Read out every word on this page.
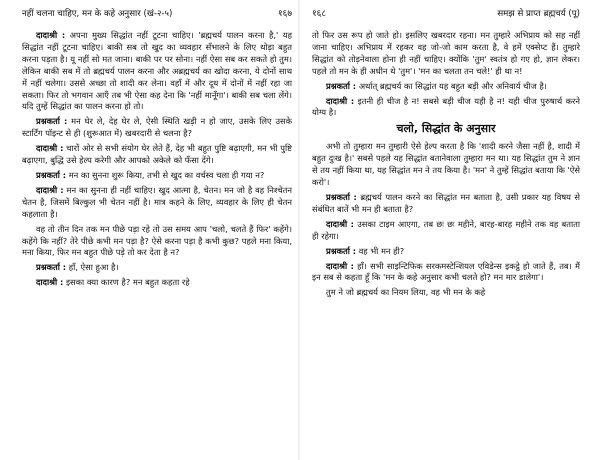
नहीं चलना चाहिए, मन के कहे अनुसार (खं-२-५)	१६७

दादाश्री : अपना मुख्य सिद्धांत नहीं टूटना चाहिए। 'ब्रह्मचर्य पालन करना है,' यह सिद्धांत नहीं टूटना चाहिए। बाकी सब तो खुद का व्यवहार सँभालने के लिए थोड़ा बहुत करना पड़ता है। यू नहीं सो मत जाना। बाकी पर पर सोना। नहीं ऐसा सब कर सकते हो तुम। लेकिन बाकी सब में तो ब्रह्मचर्य पालन करना और अब्रह्मचर्य का खोदा करना, ये दोनों साथ में नहीं चलेगा। उससे अच्छा तो शादी कर लेना। वहाँ में और दूध में दोनों में नहीं रहा जा सकता। फिर तो भगवान आएँ तब भी ऐसा कह देना कि 'नहीं मानूँगा'। बाकी सब चला लेंगे। यदि तुम्हें सिद्धांत का पालन करना हो तो।

प्रश्नकर्ता : मन घेर ले, देह घेर ले, ऐसी स्थिति खड़ी न हो जाए, उसके लिए उसके स्टार्टिंग पॉइन्ट से ही (शुरूआत में) खबरदारी से चलना है?

दादाश्री : चारों ओर से सभी संयोग घेर लेते हैं, देह भी बहुत पुष्टि बढ़ाएगी, मन भी पुष्टि बढ़ाएगा, बुद्धि उसे हेल्प करेगी और आपको अकेले को फँसा देंगे।

प्रश्नकर्ता : मन का सुनना शुरू किया, तभी से खुद का वर्चस्व चला ही गया न?

दादाश्री : मन का सुनना ही नहीं चाहिए। खुद आत्मा है, चेतन। मन जो है वह निश्चेतन चेतन है, जिसमें बिल्कुल भी चेतन नहीं है। मात्र कहने के लिए, व्यवहार के लिए ही चेतन कहलाता है।

वह तो तीन दिन तक मन पीछे पड़ा रहे तो उस समय आप 'चलो, चलते हैं फिर' कहेंगे। कहेंगे कि नहीं? तेरे पीछे कभी मन पड़ा है? ऐसे करना पड़ा है कभी कुछ? पहले मना किया, मना किया, फिर मन बहुत पीछे पड़े तो कर देता है न?

प्रश्नकर्ता : हाँ, ऐसा हुआ है।

दादाश्री : इसका क्या कारण है? मन बहुत कहता रहे

१६८	समझ से प्राप्त ब्रह्मचर्य (पू)

तो फिर उस रूप हो जाते हो। इसलिए खबरदार रहना। मन तुम्हारे अभिप्राय को सह नहीं जाना चाहिए। अभिप्राय में रहकर वह जो-जो काम करता है, वे हमें एक्सेप्ट हैं। तुम्हारे सिद्धांत को तोड़नेवाला होना ही नहीं चाहिए। क्योंकि 'तुम' स्वतंत्र हो गए हो, ज्ञान लेकर। पहले तो मन के ही अधीन थे 'तुम'। 'मन का चलता तन चले!' ही था न!

प्रश्नकर्ता : अर्थात् ब्रह्मचर्य का सिद्धांत यह बहुत बड़ी और अनिवार्य चीज है।

दादाश्री : इतनी ही चीज है न! सबसे बड़ी चीज यही है न! यही चीज पुरुषार्थ करने योग्य है।

चलो, सिद्धांत के अनुसार

अभी तो तुम्हारा मन तुम्हारी ऐसे हेल्प करता है कि 'शादी करने जैसा नहीं है, शादी में बहुत दुःख है।' सबसे पहले यह सिद्धांत बतानेवाला तुम्हारा मन था। यह सिद्धांत तुम ने ज्ञान से तय नहीं किया था, यह सिद्धांत मन ने तय किया है। 'मन' ने तुम्हें सिद्धांत बताया कि 'ऐसे करो'।

प्रश्नकर्ता : ब्रह्मचर्य पालन करने का सिद्धांत मन बताता है, उसी प्रकार यह विषय से संबंधित बातें भी मन ही बताता है?

दादाश्री : उसका टाइम आएगा, तब छः छः महीने, बारह-बारह महीने तक वह बताता ही रहेगा।

प्रश्नकर्ता : वह भी मन ही?

दादाश्री : हाँ। सभी साइन्टिफिक सरकमस्टेन्शियल एविडेन्स इकट्ठे हो जाते हैं, तब। मैं इन सब से कहता हूँ कि 'मन के कहे अनुसार कभी चलते हो? मन मार डालेगा'।

तुम ने जो ब्रह्मचर्य का नियम लिया, वह भी मन के कहे
